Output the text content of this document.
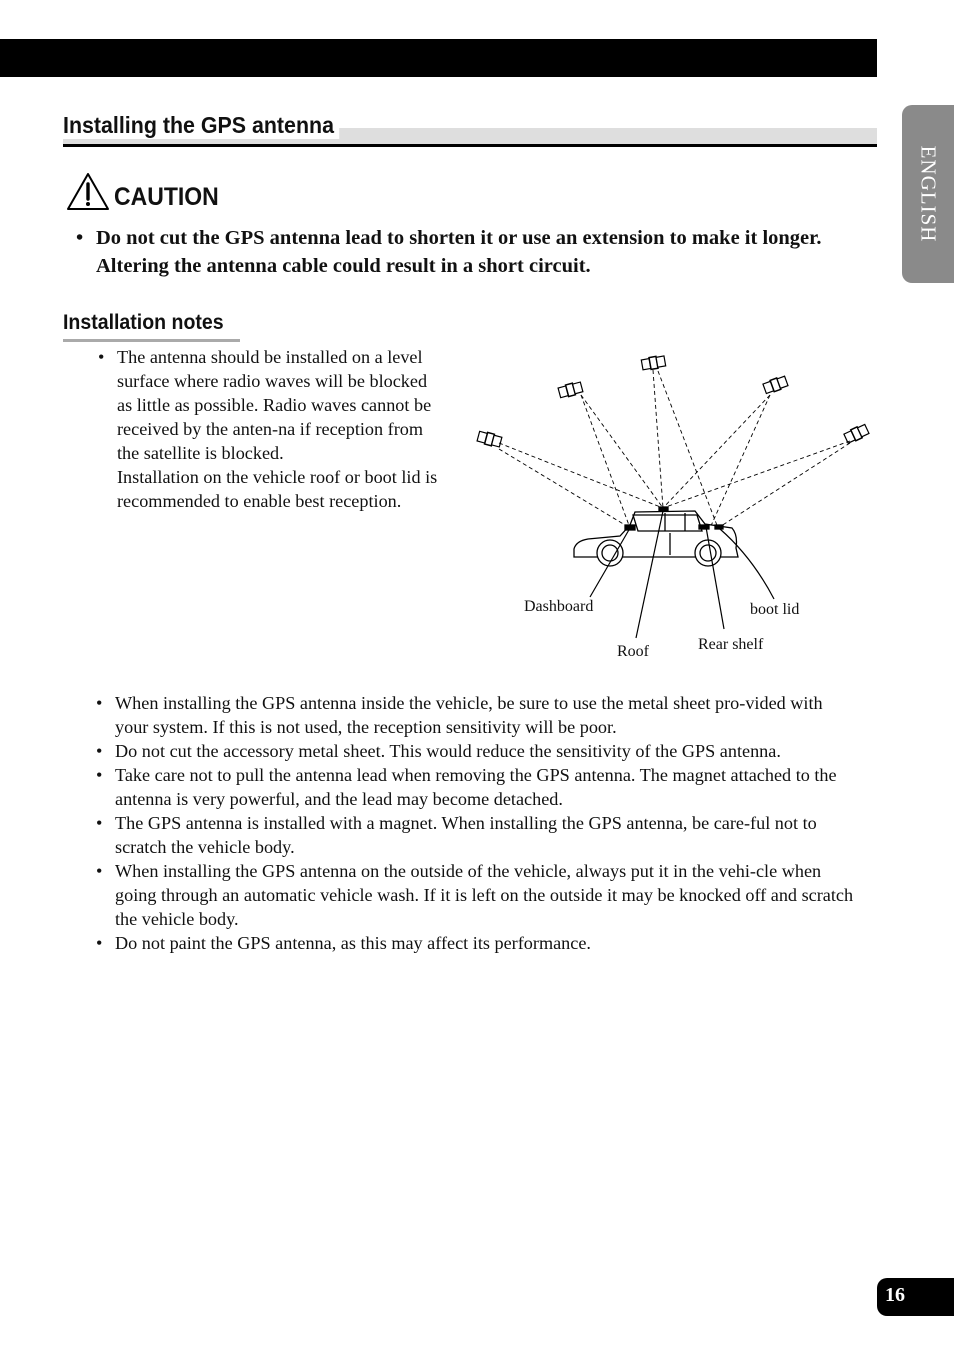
ENGLISH
Installing the GPS antenna
CAUTION
• Do not cut the GPS antenna lead to shorten it or use an extension to make it longer. Altering the antenna cable could result in a short circuit.
Installation notes
• The antenna should be installed on a level surface where radio waves will be blocked as little as possible. Radio waves cannot be received by the anten-na if reception from the satellite is blocked.

Installation on the vehicle roof or boot lid is recommended to enable best reception.

Dashboard	boot lid
Roof	Rear shelf
• When installing the GPS antenna inside the vehicle, be sure to use the metal sheet pro-vided with your system. If this is not used, the reception sensitivity will be poor.
• Do not cut the accessory metal sheet. This would reduce the sensitivity of the GPS antenna.
• Take care not to pull the antenna lead when removing the GPS antenna. The magnet attached to the antenna is very powerful, and the lead may become detached.
• The GPS antenna is installed with a magnet. When installing the GPS antenna, be care-ful not to scratch the vehicle body.
• When installing the GPS antenna on the outside of the vehicle, always put it in the vehi-cle when going through an automatic vehicle wash. If it is left on the outside it may be knocked off and scratch the vehicle body.
• Do not paint the GPS antenna, as this may affect its performance.
16
